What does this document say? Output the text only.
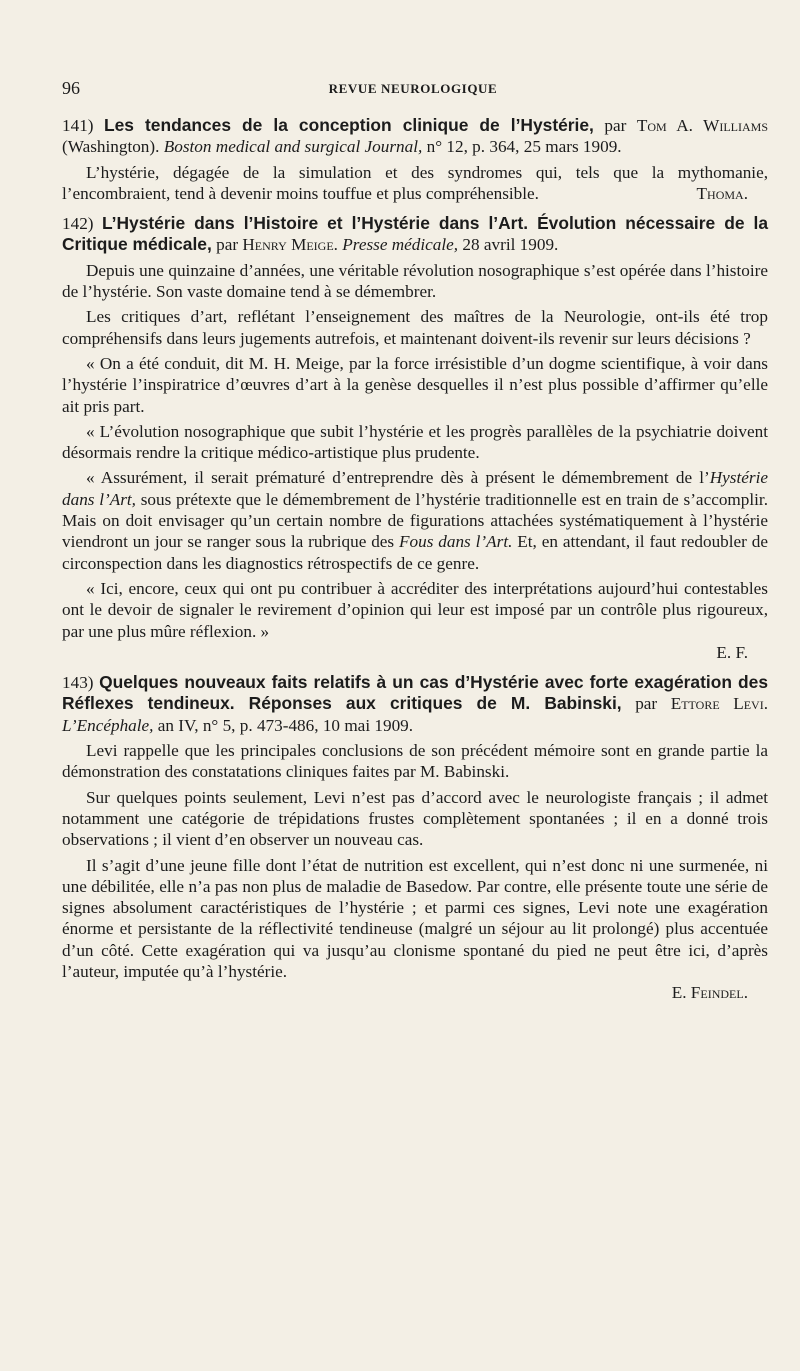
96	REVUE NEUROLOGIQUE
141) Les tendances de la conception clinique de l’Hystérie, par Tom A. Williams (Washington). Boston medical and surgical Journal, n° 12, p. 364, 25 mars 1909.

L’hystérie, dégagée de la simulation et des syndromes qui, tels que la mythomanie, l’encombraient, tend à devenir moins touffue et plus compréhensible.	Thoma.
142) L’Hystérie dans l’Histoire et l’Hystérie dans l’Art. Évolution nécessaire de la Critique médicale, par Henry Meige. Presse médicale, 28 avril 1909.

Depuis une quinzaine d’années, une véritable révolution nosographique s’est opérée dans l’histoire de l’hystérie. Son vaste domaine tend à se démembrer.

Les critiques d’art, reflétant l’enseignement des maîtres de la Neurologie, ont-ils été trop compréhensifs dans leurs jugements autrefois, et maintenant doivent-ils revenir sur leurs décisions ?

« On a été conduit, dit M. H. Meige, par la force irrésistible d’un dogme scientifique, à voir dans l’hystérie l’inspiratrice d’œuvres d’art à la genèse desquelles il n’est plus possible d’affirmer qu’elle ait pris part.

« L’évolution nosographique que subit l’hystérie et les progrès parallèles de la psychiatrie doivent désormais rendre la critique médico-artistique plus prudente.

« Assurément, il serait prématuré d’entreprendre dès à présent le démembrement de l’Hystérie dans l’Art, sous prétexte que le démembrement de l’hystérie traditionnelle est en train de s’accomplir. Mais on doit envisager qu’un certain nombre de figurations attachées systématiquement à l’hystérie viendront un jour se ranger sous la rubrique des Fous dans l’Art. Et, en attendant, il faut redoubler de circonspection dans les diagnostics rétrospectifs de ce genre.

« Ici, encore, ceux qui ont pu contribuer à accréditer des interprétations aujourd’hui contestables ont le devoir de signaler le revirement d’opinion qui leur est imposé par un contrôle plus rigoureux, par une plus mûre réflexion. »

E. F.
143) Quelques nouveaux faits relatifs à un cas d’Hystérie avec forte exagération des Réflexes tendineux. Réponses aux critiques de M. Babinski, par Ettore Levi. L’Encéphale, an IV, n° 5, p. 473-486, 10 mai 1909.

Levi rappelle que les principales conclusions de son précédent mémoire sont en grande partie la démonstration des constatations cliniques faites par M. Babinski.

Sur quelques points seulement, Levi n’est pas d’accord avec le neurologiste français ; il admet notamment une catégorie de trépidations frustes complètement spontanées ; il en a donné trois observations ; il vient d’en observer un nouveau cas.

Il s’agit d’une jeune fille dont l’état de nutrition est excellent, qui n’est donc ni une surmenée, ni une débilitée, elle n’a pas non plus de maladie de Basedow. Par contre, elle présente toute une série de signes absolument caractéristiques de l’hystérie ; et parmi ces signes, Levi note une exagération énorme et persistante de la réflectivité tendineuse (malgré un séjour au lit prolongé) plus accentuée d’un côté. Cette exagération qui va jusqu’au clonisme spontané du pied ne peut être ici, d’après l’auteur, imputée qu’à l’hystérie.

E. Feindel.
